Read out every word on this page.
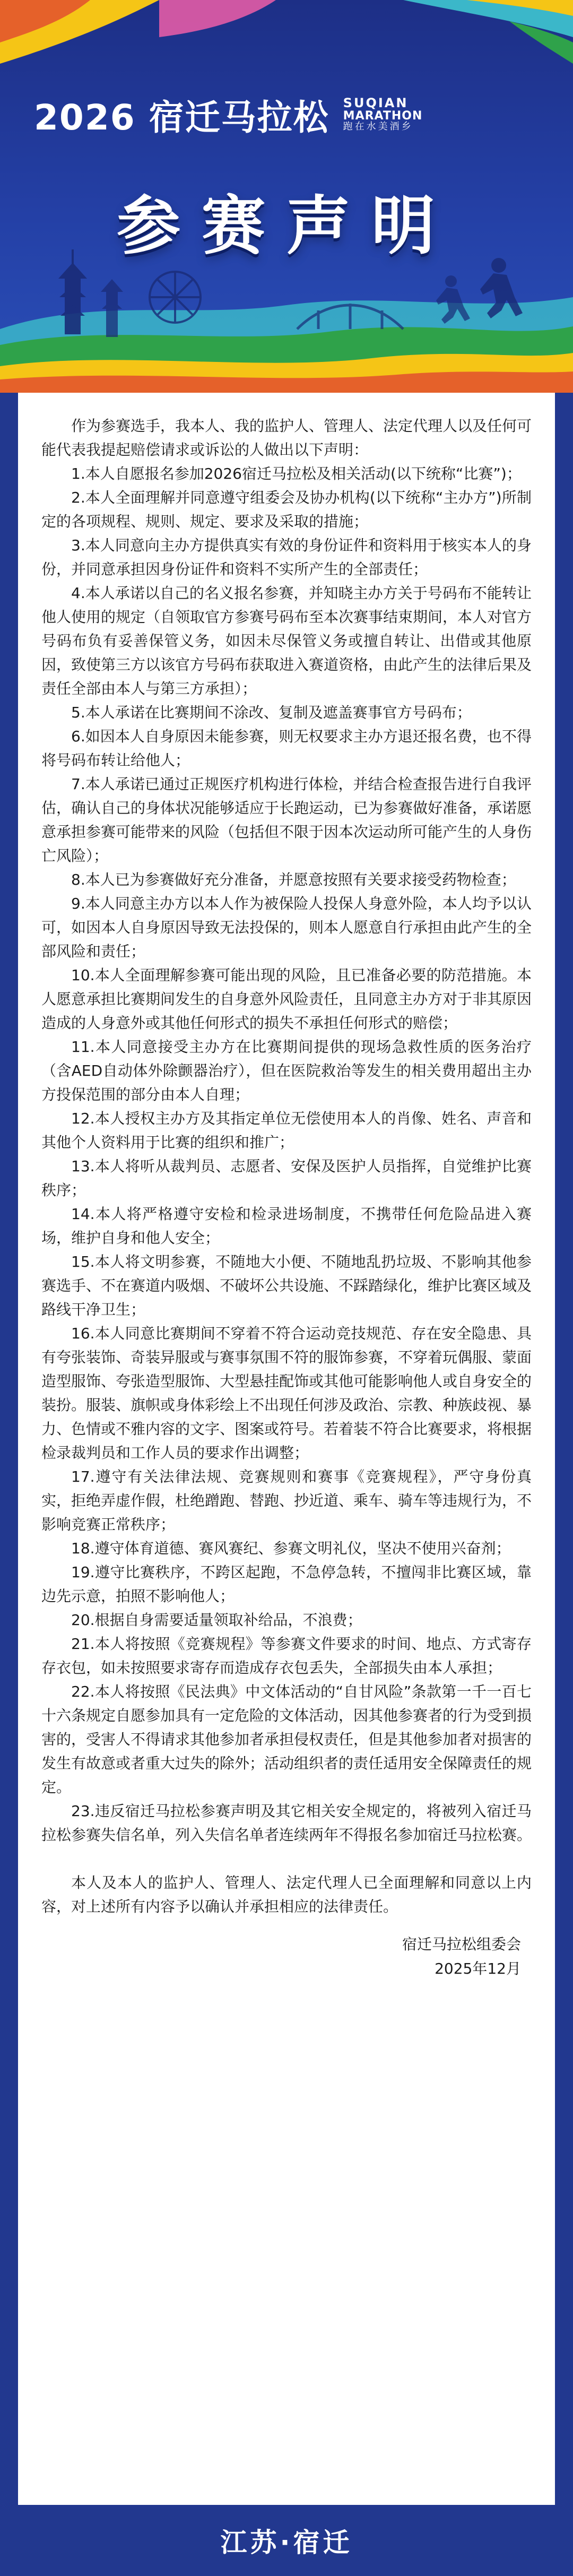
2026 宿迁马拉松 SUQIAN
MARATHON
跑在水美酒乡
参赛声明

作为参赛选手，我本人、我的监护人、管理人、法定代理人以及任何可能代表我提起赔偿请求或诉讼的人做出以下声明：

1.本人自愿报名参加2026宿迁马拉松及相关活动(以下统称“比赛”)；

2.本人全面理解并同意遵守组委会及协办机构(以下统称“主办方”)所制定的各项规程、规则、规定、要求及采取的措施；

3.本人同意向主办方提供真实有效的身份证件和资料用于核实本人的身份，并同意承担因身份证件和资料不实所产生的全部责任；

4.本人承诺以自己的名义报名参赛，并知晓主办方关于号码布不能转让他人使用的规定（自领取官方参赛号码布至本次赛事结束期间，本人对官方号码布负有妥善保管义务，如因未尽保管义务或擅自转让、出借或其他原因，致使第三方以该官方号码布获取进入赛道资格，由此产生的法律后果及责任全部由本人与第三方承担）；

5.本人承诺在比赛期间不涂改、复制及遮盖赛事官方号码布；

6.如因本人自身原因未能参赛，则无权要求主办方退还报名费，也不得将号码布转让给他人；

7.本人承诺已通过正规医疗机构进行体检，并结合检查报告进行自我评估，确认自己的身体状况能够适应于长跑运动，已为参赛做好准备，承诺愿意承担参赛可能带来的风险（包括但不限于因本次运动所可能产生的人身伤亡风险）；

8.本人已为参赛做好充分准备，并愿意按照有关要求接受药物检查；

9.本人同意主办方以本人作为被保险人投保人身意外险，本人均予以认可，如因本人自身原因导致无法投保的，则本人愿意自行承担由此产生的全部风险和责任；

10.本人全面理解参赛可能出现的风险，且已准备必要的防范措施。本人愿意承担比赛期间发生的自身意外风险责任，且同意主办方对于非其原因造成的人身意外或其他任何形式的损失不承担任何形式的赔偿；

11.本人同意接受主办方在比赛期间提供的现场急救性质的医务治疗（含AED自动体外除颤器治疗），但在医院救治等发生的相关费用超出主办方投保范围的部分由本人自理；

12.本人授权主办方及其指定单位无偿使用本人的肖像、姓名、声音和其他个人资料用于比赛的组织和推广；

13.本人将听从裁判员、志愿者、安保及医护人员指挥，自觉维护比赛秩序；

14.本人将严格遵守安检和检录进场制度，不携带任何危险品进入赛场，维护自身和他人安全；

15.本人将文明参赛，不随地大小便、不随地乱扔垃圾、不影响其他参赛选手、不在赛道内吸烟、不破坏公共设施、不踩踏绿化，维护比赛区域及路线干净卫生；

16.本人同意比赛期间不穿着不符合运动竞技规范、存在安全隐患、具有夸张装饰、奇装异服或与赛事氛围不符的服饰参赛，不穿着玩偶服、蒙面造型服饰、夸张造型服饰、大型悬挂配饰或其他可能影响他人或自身安全的装扮。服装、旗帜或身体彩绘上不出现任何涉及政治、宗教、种族歧视、暴力、色情或不雅内容的文字、图案或符号。若着装不符合比赛要求，将根据检录裁判员和工作人员的要求作出调整；

17.遵守有关法律法规、竞赛规则和赛事《竞赛规程》，严守身份真实，拒绝弄虚作假，杜绝蹭跑、替跑、抄近道、乘车、骑车等违规行为，不影响竞赛正常秩序；

18.遵守体育道德、赛风赛纪、参赛文明礼仪，坚决不使用兴奋剂；

19.遵守比赛秩序，不跨区起跑，不急停急转，不擅闯非比赛区域，靠边先示意，拍照不影响他人；

20.根据自身需要适量领取补给品，不浪费；

21.本人将按照《竞赛规程》等参赛文件要求的时间、地点、方式寄存存衣包，如未按照要求寄存而造成存衣包丢失，全部损失由本人承担；

22.本人将按照《民法典》中文体活动的“自甘风险”条款第一千一百七十六条规定自愿参加具有一定危险的文体活动，因其他参赛者的行为受到损害的，受害人不得请求其他参加者承担侵权责任，但是其他参加者对损害的发生有故意或者重大过失的除外；活动组织者的责任适用安全保障责任的规定。

23.违反宿迁马拉松参赛声明及其它相关安全规定的，将被列入宿迁马拉松参赛失信名单，列入失信名单者连续两年不得报名参加宿迁马拉松赛。

本人及本人的监护人、管理人、法定代理人已全面理解和同意以上内容，对上述所有内容予以确认并承担相应的法律责任。

宿迁马拉松组委会
2025年12月
江苏·宿迁
